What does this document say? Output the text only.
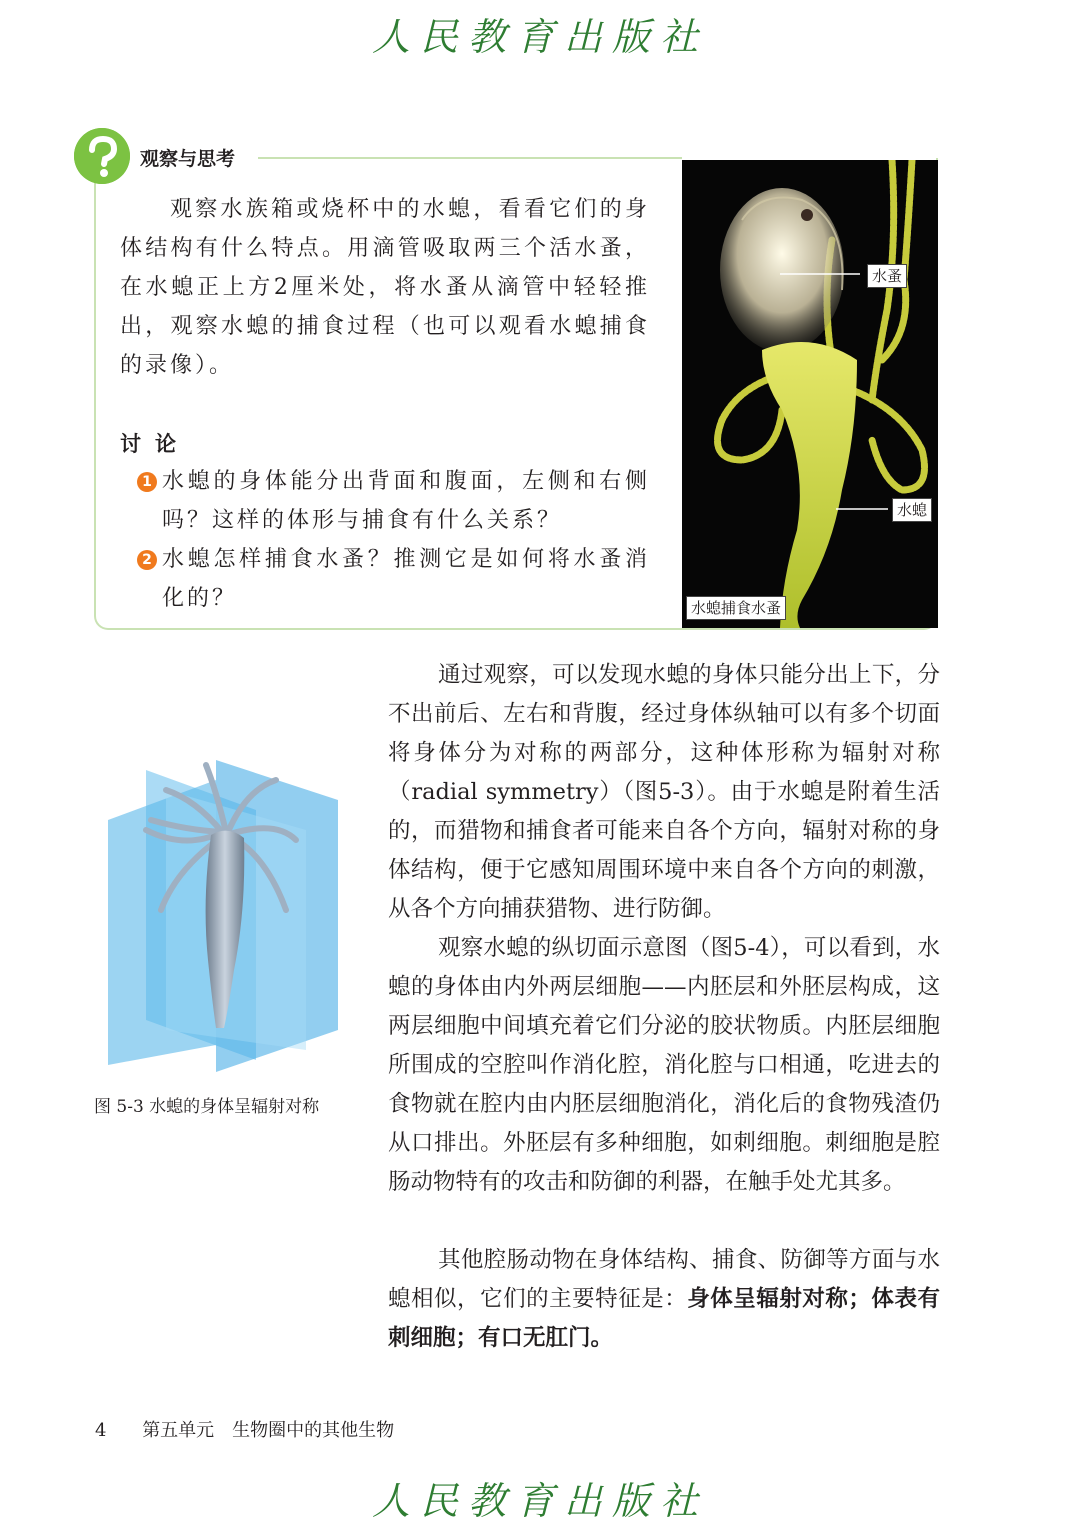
人民教育出版社
观察与思考
观察水族箱或烧杯中的水螅，看看它们的身体结构有什么特点。用滴管吸取两三个活水蚤，在水螅正上方2厘米处，将水蚤从滴管中轻轻推出，观察水螅的捕食过程（也可以观看水螅捕食的录像）。
讨论
1 水螅的身体能分出背面和腹面，左侧和右侧吗？这样的体形与捕食有什么关系？
2 水螅怎样捕食水蚤？推测它是如何将水蚤消化的？
水蚤
水螅
水螅捕食水蚤
图 5-3 水螅的身体呈辐射对称
通过观察，可以发现水螅的身体只能分出上下，分不出前后、左右和背腹，经过身体纵轴可以有多个切面将身体分为对称的两部分，这种体形称为辐射对称（radial symmetry）（图5-3）。由于水螅是附着生活的，而猎物和捕食者可能来自各个方向，辐射对称的身体结构，便于它感知周围环境中来自各个方向的刺激，从各个方向捕获猎物、进行防御。
观察水螅的纵切面示意图（图5-4），可以看到，水螅的身体由内外两层细胞——内胚层和外胚层构成，这两层细胞中间填充着它们分泌的胶状物质。内胚层细胞所围成的空腔叫作消化腔，消化腔与口相通，吃进去的食物就在腔内由内胚层细胞消化，消化后的食物残渣仍从口排出。外胚层有多种细胞，如刺细胞。刺细胞是腔肠动物特有的攻击和防御的利器，在触手处尤其多。
其他腔肠动物在身体结构、捕食、防御等方面与水螅相似，它们的主要特征是：身体呈辐射对称；体表有刺细胞；有口无肛门。
4 第五单元　生物圈中的其他生物
人民教育出版社
